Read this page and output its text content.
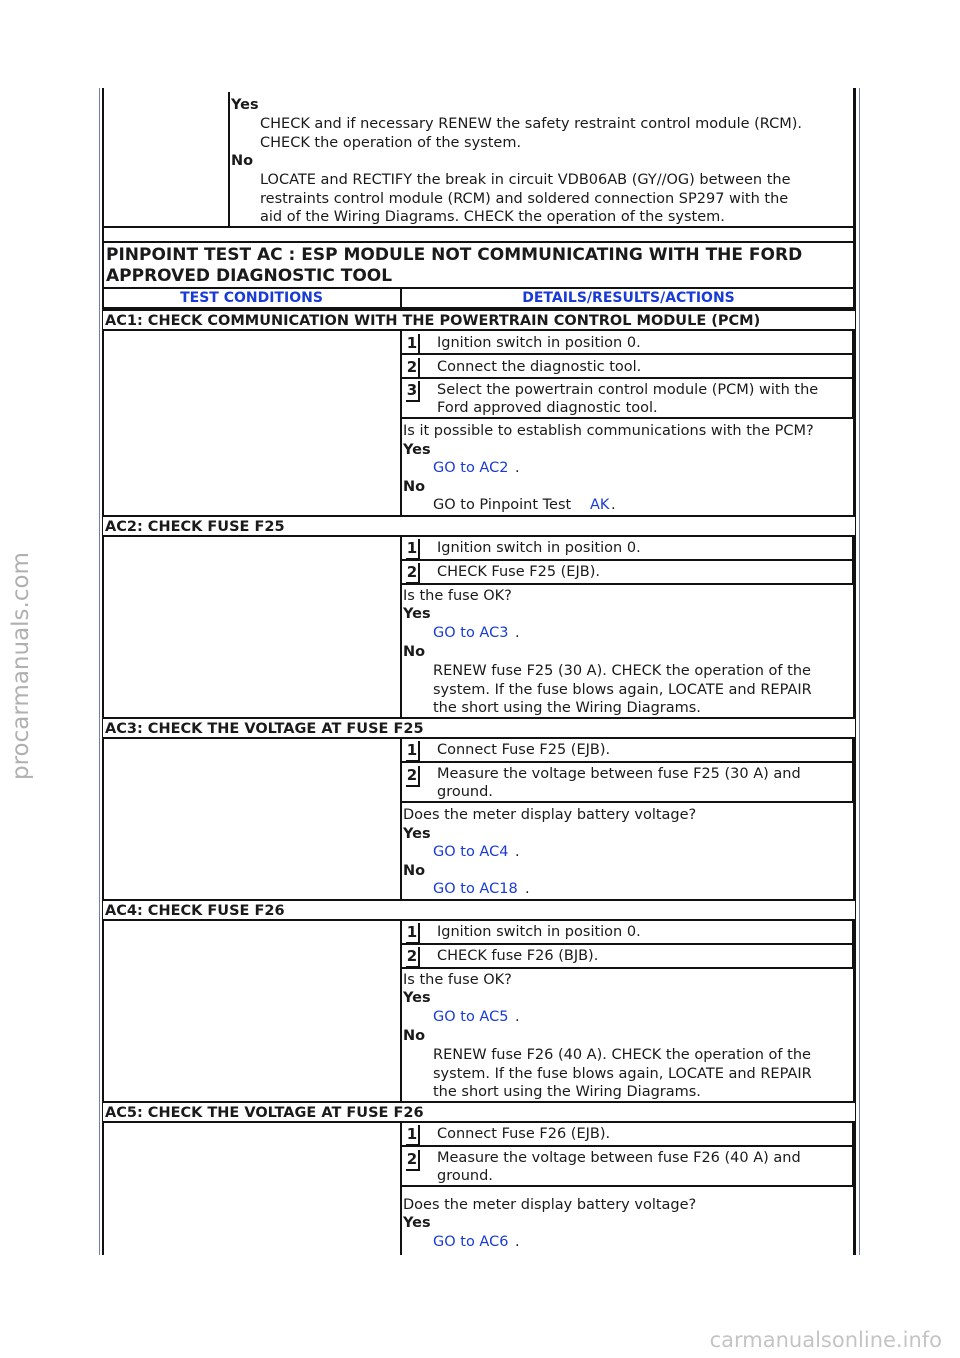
Yes
CHECK and if necessary RENEW the safety restraint control module (RCM).
CHECK the operation of the system.
No
LOCATE and RECTIFY the break in circuit VDB06AB (GY//OG) between the
restraints control module (RCM) and soldered connection SP297 with the
aid of the Wiring Diagrams. CHECK the operation of the system.
PINPOINT TEST AC : ESP MODULE NOT COMMUNICATING WITH THE FORD
APPROVED DIAGNOSTIC TOOL
TEST CONDITIONS	DETAILS/RESULTS/ACTIONS
AC1: CHECK COMMUNICATION WITH THE POWERTRAIN CONTROL MODULE (PCM)
1 Ignition switch in position 0.
2 Connect the diagnostic tool.
3 Select the powertrain control module (PCM) with the
Ford approved diagnostic tool.
Is it possible to establish communications with the PCM?
Yes
GO to AC2 .
No
GO to Pinpoint Test AK .
AC2: CHECK FUSE F25
1 Ignition switch in position 0.
2 CHECK Fuse F25 (EJB).
Is the fuse OK?
Yes
GO to AC3 .
No
RENEW fuse F25 (30 A). CHECK the operation of the
system. If the fuse blows again, LOCATE and REPAIR
the short using the Wiring Diagrams.
AC3: CHECK THE VOLTAGE AT FUSE F25
1 Connect Fuse F25 (EJB).
2 Measure the voltage between fuse F25 (30 A) and
ground.
Does the meter display battery voltage?
Yes
GO to AC4 .
No
GO to AC18 .
AC4: CHECK FUSE F26
1 Ignition switch in position 0.
2 CHECK fuse F26 (BJB).
Is the fuse OK?
Yes
GO to AC5 .
No
RENEW fuse F26 (40 A). CHECK the operation of the
system. If the fuse blows again, LOCATE and REPAIR
the short using the Wiring Diagrams.
AC5: CHECK THE VOLTAGE AT FUSE F26
1 Connect Fuse F26 (EJB).
2 Measure the voltage between fuse F26 (40 A) and
ground.
Does the meter display battery voltage?
Yes
GO to AC6 .
procarmanuals.com
carmanualsonline.info
